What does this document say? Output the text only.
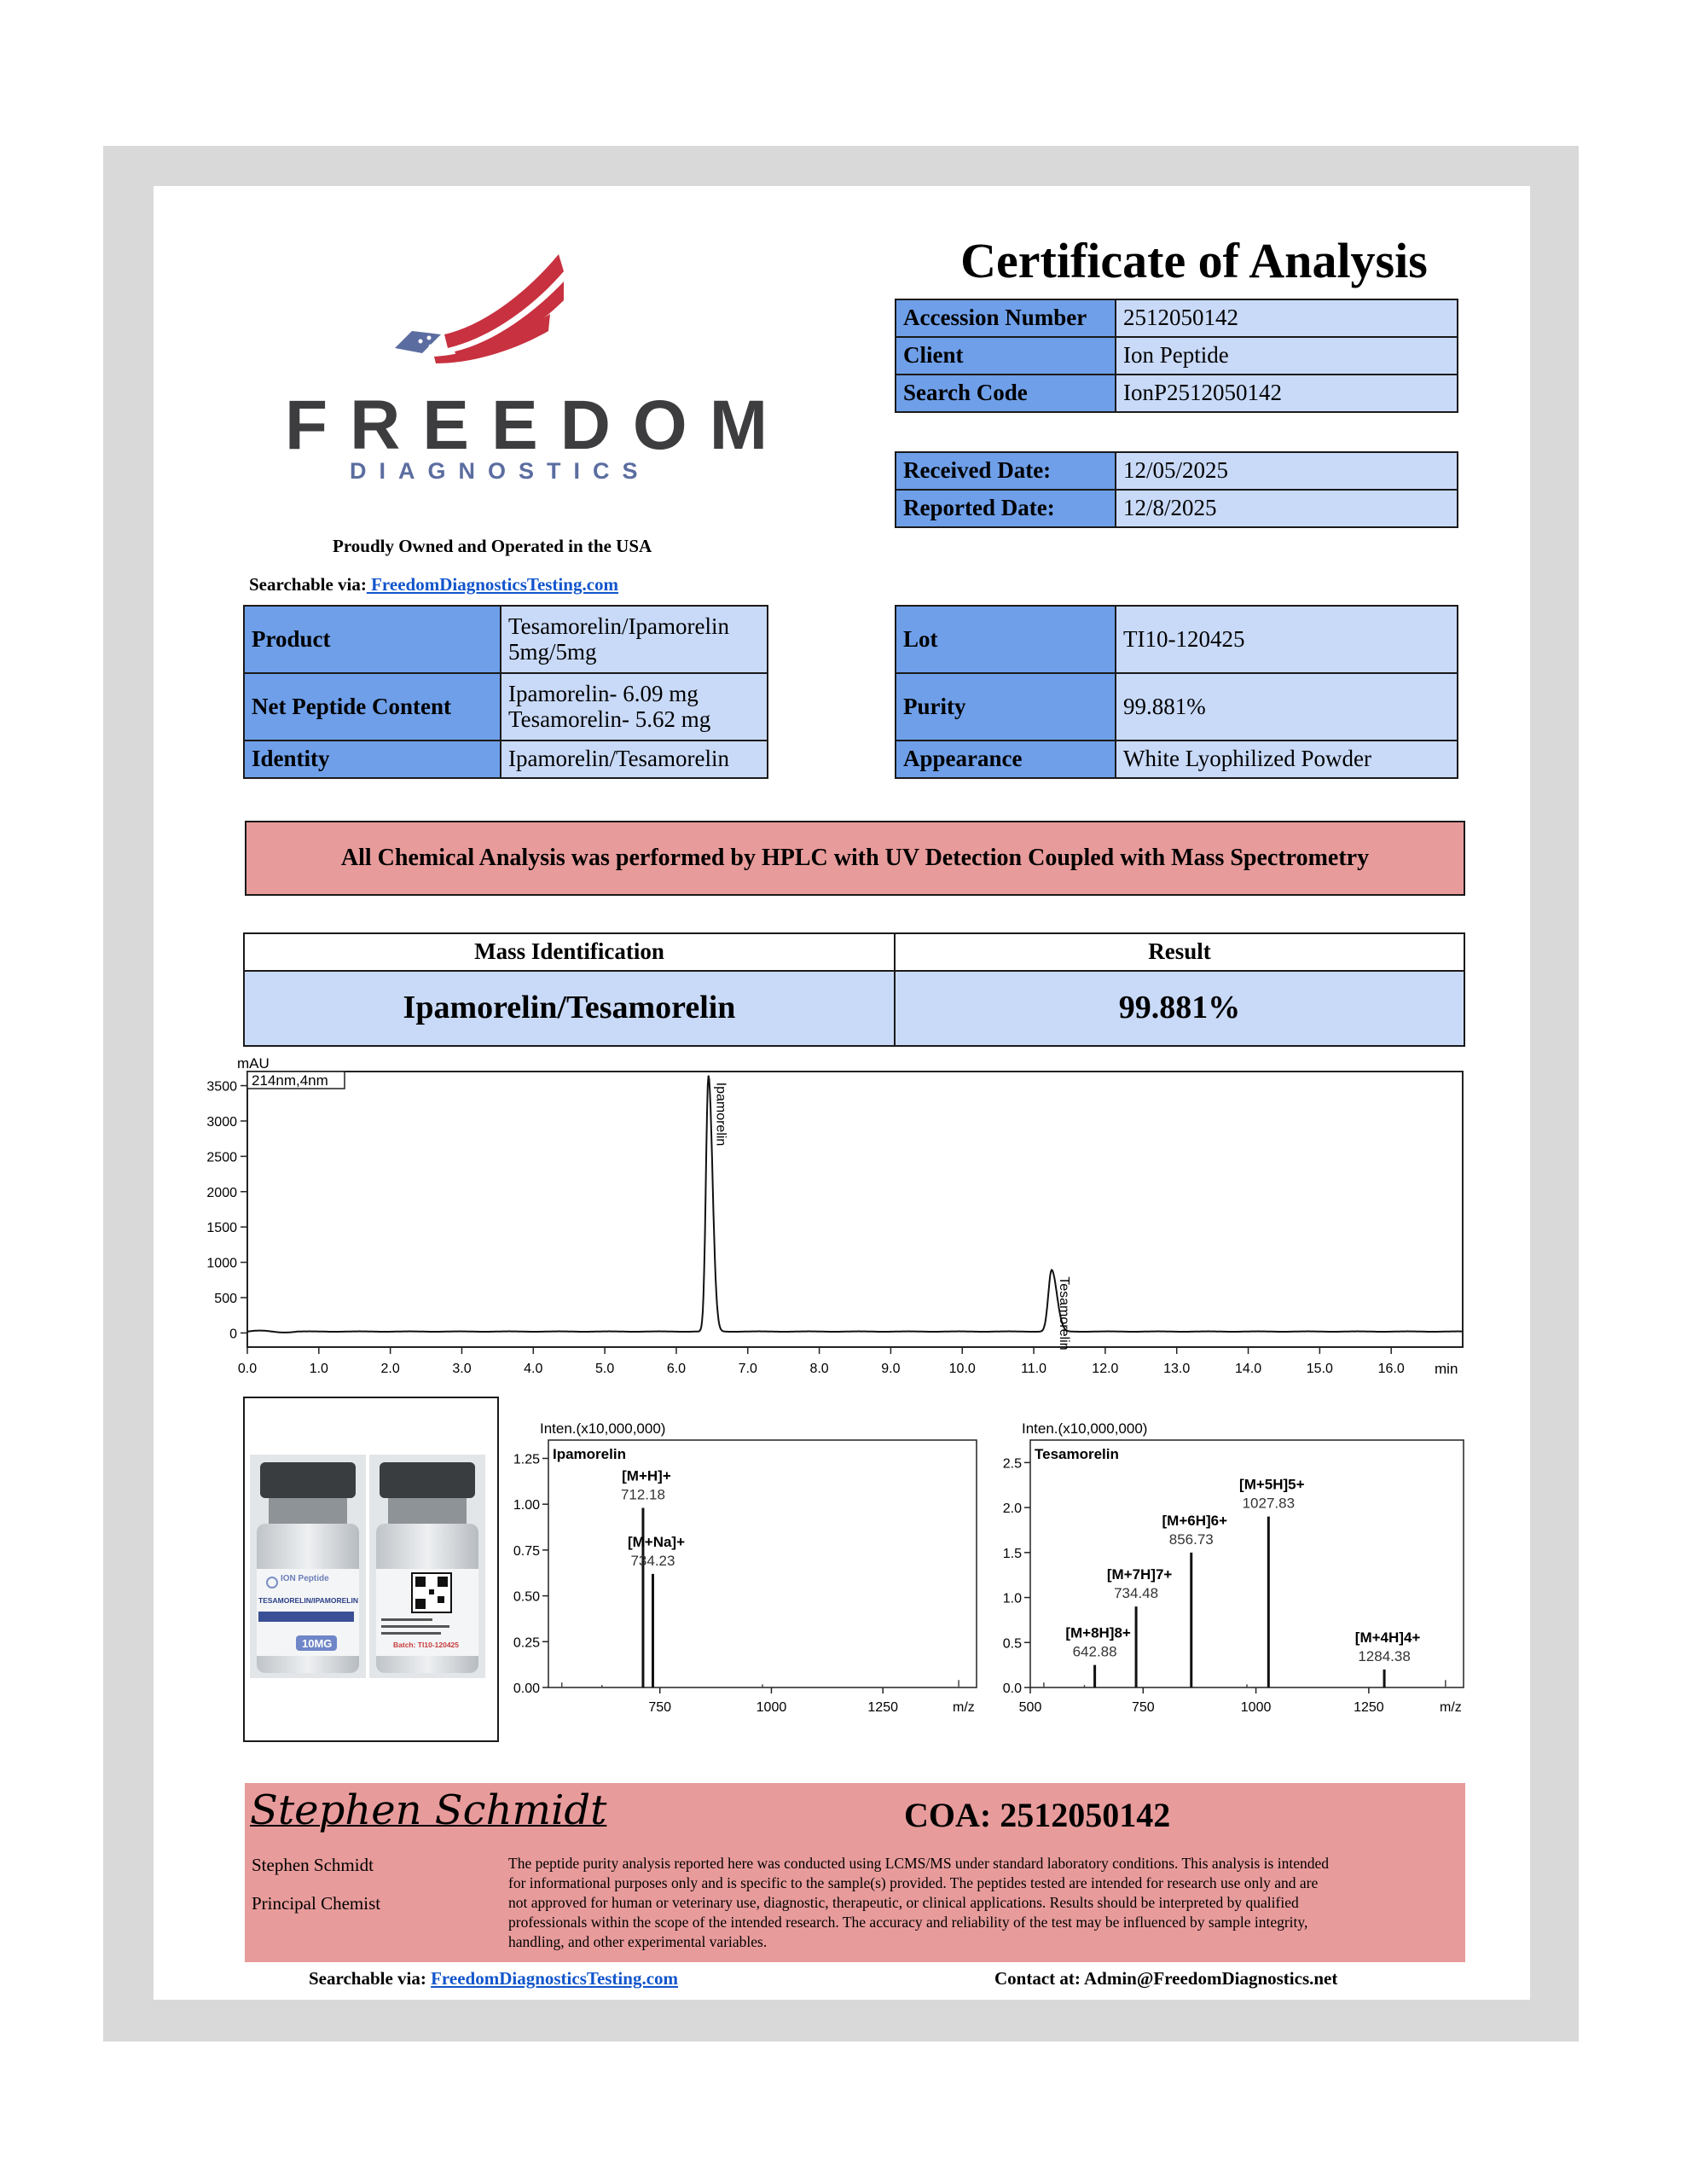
FREEDOM
DIAGNOSTICS
Proudly Owned and Operated in the USA
Searchable via: FreedomDiagnosticsTesting.com
Certificate of Analysis
Accession Number	2512050142
Client	Ion Peptide
Search Code	IonP2512050142
Received Date:	12/05/2025
Reported Date:	12/8/2025
Product	Tesamorelin/Ipamorelin
5mg/5mg

Net Peptide Content	Ipamorelin- 6.09 mg
Tesamorelin- 5.62 mg

Identity	Ipamorelin/Tesamorelin
Lot	TI10-120425
Purity	99.881%
Appearance	White Lyophilized Powder
All Chemical Analysis was performed by HPLC with UV Detection Coupled with Mass Spectrometry
Mass Identification	Result
Ipamorelin/Tesamorelin	99.881%
214nm,4nm
mAU
min
0
500
1000
1500
2000
2500
3000
3500
0.0	1.0	2.0	3.0	4.0	5.0	6.0	7.0	8.0	9.0	10.0	11.0	12.0	13.0	14.0	15.0	16.0
Ipamorelin
Tesamorelin
ION Peptide
TESAMORELIN/IPAMORELIN
10MG	Batch: TI10-120425
Inten.(x10,000,000)
Ipamorelin
m/z
0.00
0.25
0.50
0.75
1.00
1.25
750	1000	1250
712.18
[M+H]+
734.23
[M+Na]+
Inten.(x10,000,000)
Tesamorelin
m/z
0.0
0.5
1.0
1.5
2.0
2.5
500	750	1000	1250
642.88
[M+8H]8+
734.48
[M+7H]7+
856.73
[M+6H]6+
1027.83
[M+5H]5+
1284.38
[M+4H]4+
Stephen Schmidt	COA: 2512050142
Stephen Schmidt
Principal Chemist
The peptide purity analysis reported here was conducted using LCMS/MS under standard laboratory conditions. This analysis is intended
for informational purposes only and is specific to the sample(s) provided. The peptides tested are intended for research use only and are
not approved for human or veterinary use, diagnostic, therapeutic, or clinical applications. Results should be interpreted by qualified
professionals within the scope of the intended research. The accuracy and reliability of the test may be influenced by sample integrity,
handling, and other experimental variables.
Searchable via: FreedomDiagnosticsTesting.com	Contact at: Admin@FreedomDiagnostics.net
